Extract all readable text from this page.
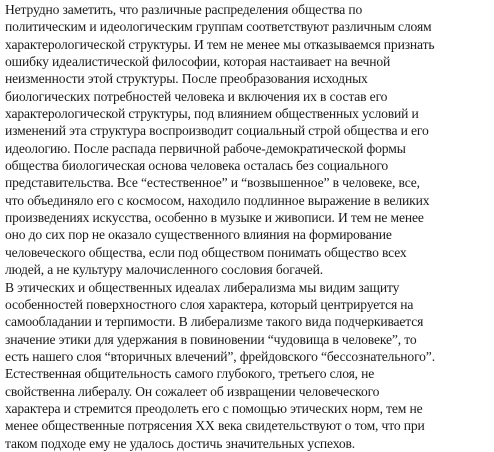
Нетрудно заметить, что различные распределения общества по
политическим и идеологическим группам соответствуют различным слоям
характерологической структуры. И тем не менее мы отказываемся признать
ошибку идеалистической философии, которая настаивает на вечной
неизменности этой структуры. После преобразования исходных
биологических потребностей человека и включения их в состав его
характерологической структуры, под влиянием общественных условий и
изменений эта структура воспроизводит социальный строй общества и его
идеологию. После распада первичной рабоче-демократической формы
общества биологическая основа человека осталась без социального
представительства. Все “естественное” и “возвышенное” в человеке, все,
что объединяло его с космосом, находило подлинное выражение в великих
произведениях искусства, особенно в музыке и живописи. И тем не менее
оно до сих пор не оказало существенного влияния на формирование
человеческого общества, если под обществом понимать общество всех
людей, а не культуру малочисленного сословия богачей.
В этических и общественных идеалах либерализма мы видим защиту
особенностей поверхностного слоя характера, который центрируется на
самообладании и терпимости. В либерализме такого вида подчеркивается
значение этики для удержания в повиновении “чудовища в человеке”, то
есть нашего слоя “вторичных влечений”, фрейдовского “бессознательного”.
Естественная общительность самого глубокого, третьего слоя, не
свойственна либералу. Он сожалеет об извращении человеческого
характера и стремится преодолеть его с помощью этических норм, тем не
менее общественные потрясения XX века свидетельствуют о том, что при
таком подходе ему не удалось достичь значительных успехов.
